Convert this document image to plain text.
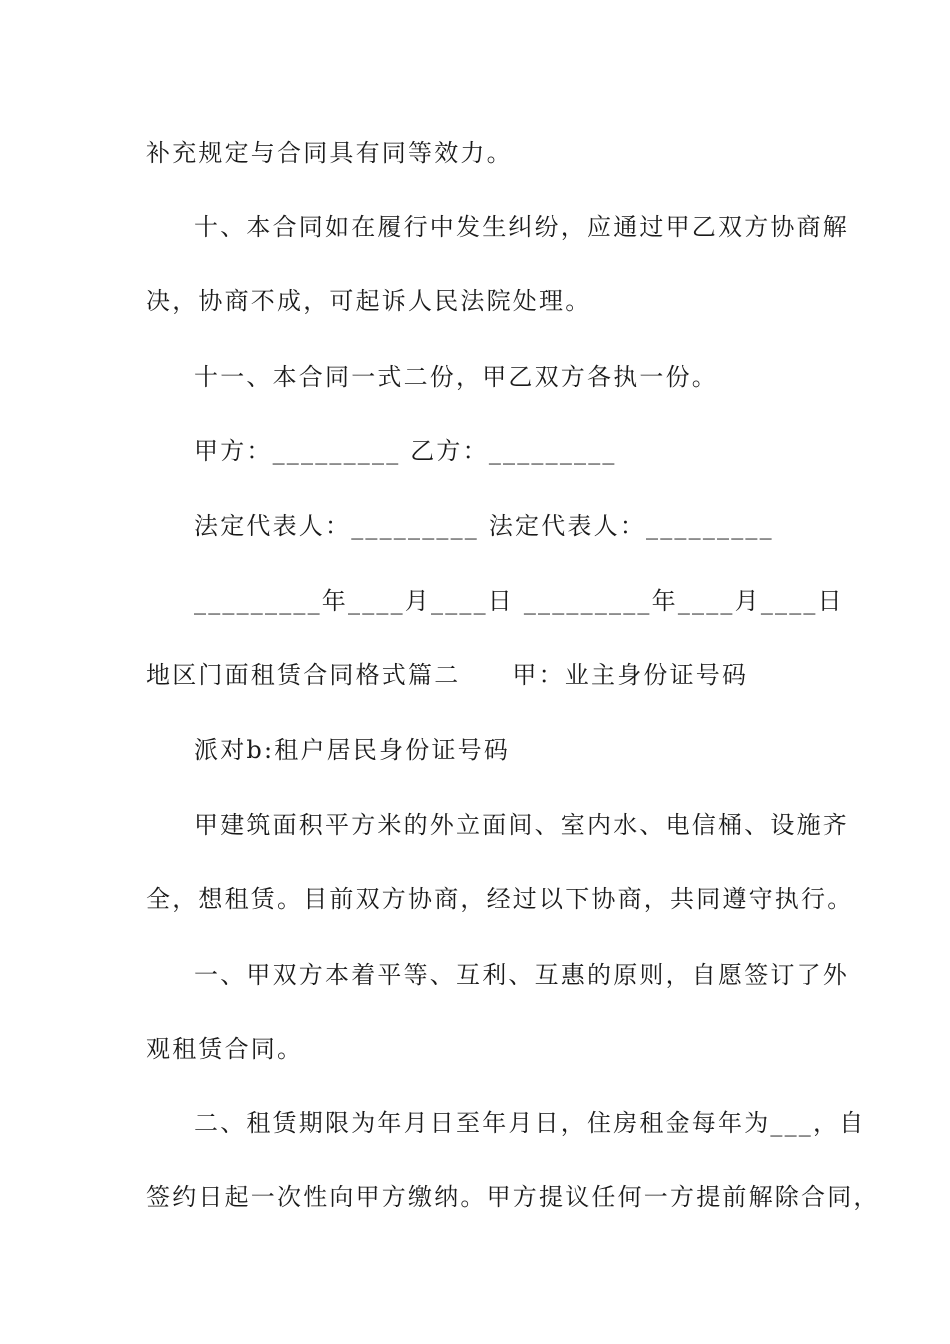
补充规定与合同具有同等效力。
十、本合同如在履行中发生纠纷，应通过甲乙双方协商解
决，协商不成，可起诉人民法院处理。
十一、本合同一式二份，甲乙双方各执一份。
甲方：_________ 乙方：_________
法定代表人：_________ 法定代表人：_________
_________年____月____日 _________年____月____日
地区门面租赁合同格式篇二 甲：业主身份证号码
派对b:租户居民身份证号码
甲建筑面积平方米的外立面间、室内水、电信桶、设施齐
全，想租赁。目前双方协商，经过以下协商，共同遵守执行。
一、甲双方本着平等、互利、互惠的原则，自愿签订了外
观租赁合同。
二、租赁期限为年月日至年月日，住房租金每年为___，自
签约日起一次性向甲方缴纳。甲方提议任何一方提前解除合同，
